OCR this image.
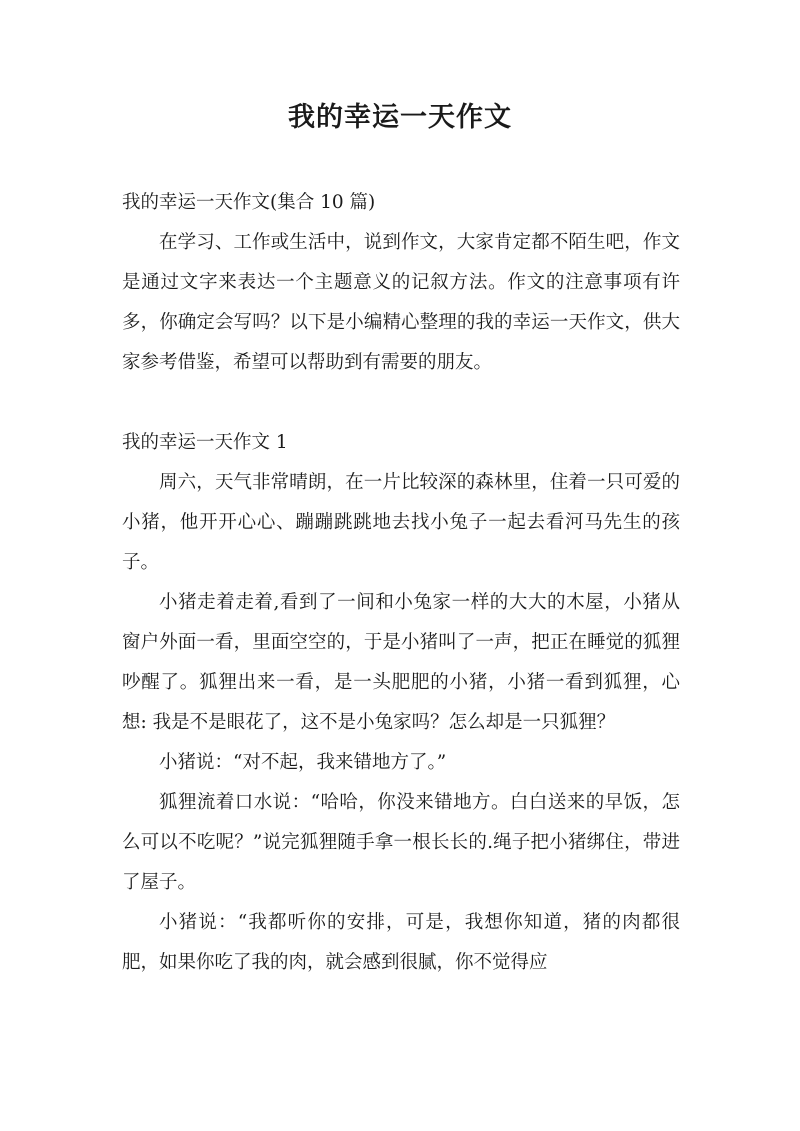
我的幸运一天作文

我的幸运一天作文(集合 10 篇)

在学习、工作或生活中，说到作文，大家肯定都不陌生吧，作文是通过文字来表达一个主题意义的记叙方法。作文的注意事项有许多，你确定会写吗？以下是小编精心整理的我的幸运一天作文，供大家参考借鉴，希望可以帮助到有需要的朋友。

我的幸运一天作文 1

周六，天气非常晴朗，在一片比较深的森林里，住着一只可爱的小猪，他开开心心、蹦蹦跳跳地去找小兔子一起去看河马先生的孩子。

小猪走着走着,看到了一间和小兔家一样的大大的木屋，小猪从窗户外面一看，里面空空的，于是小猪叫了一声，把正在睡觉的狐狸吵醒了。狐狸出来一看，是一头肥肥的小猪，小猪一看到狐狸，心想: 我是不是眼花了，这不是小兔家吗？怎么却是一只狐狸？

小猪说：“对不起，我来错地方了。”

狐狸流着口水说：“哈哈，你没来错地方。白白送来的早饭，怎么可以不吃呢？”说完狐狸随手拿一根长长的.绳子把小猪绑住，带进了屋子。

小猪说：“我都听你的安排，可是，我想你知道，猪的肉都很肥，如果你吃了我的肉，就会感到很腻，你不觉得应
